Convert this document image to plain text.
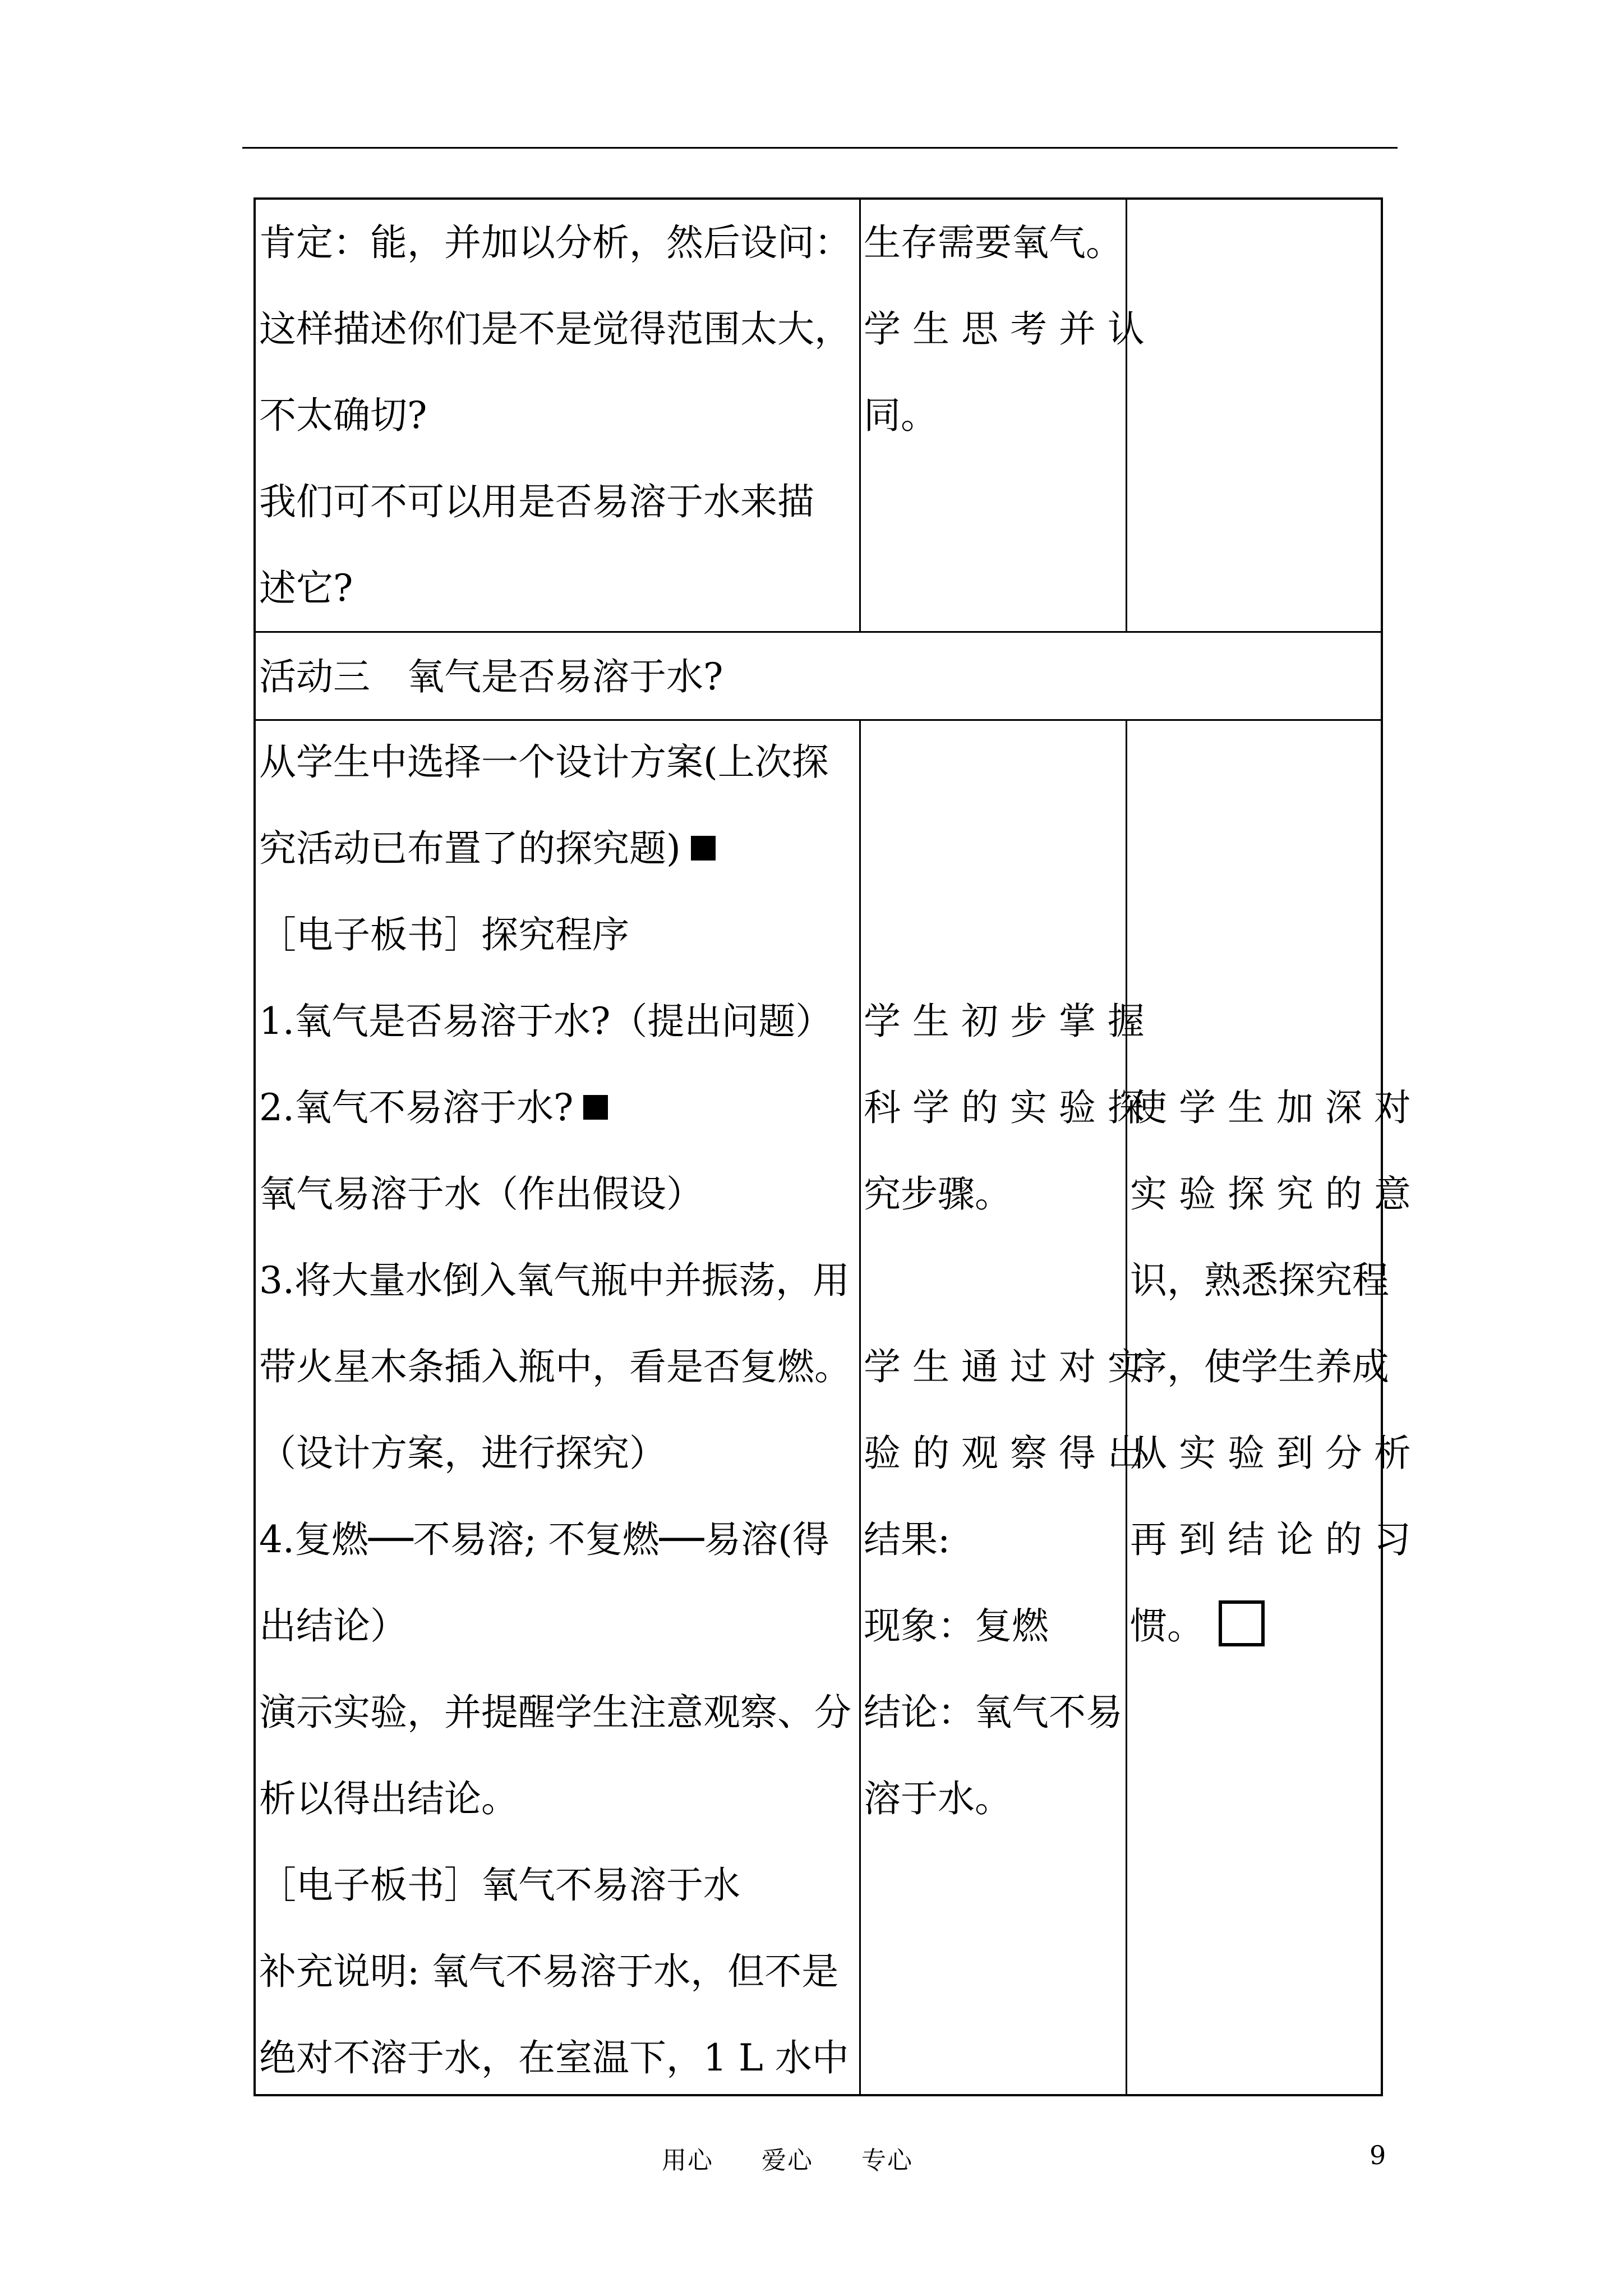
肯定：能，并加以分析，然后设问：
这样描述你们是不是觉得范围太大，
不太确切?
我们可不可以用是否易溶于水来描
述它?
生存需要氧气。
学 生 思 考 并 认
同。
活动三　氧气是否易溶于水?
从学生中选择一个设计方案(上次探
究活动已布置了的探究题)
［电子板书］探究程序
1.氧气是否易溶于水?（提出问题）
2.氧气不易溶于水?
氧气易溶于水（作出假设）
3.将大量水倒入氧气瓶中并振荡，用
带火星木条插入瓶中，看是否复燃。
（设计方案，进行探究）
4.复燃──不易溶; 不复燃──易溶(得
出结论）
演示实验，并提醒学生注意观察、分
析以得出结论。
［电子板书］氧气不易溶于水
补充说明: 氧气不易溶于水，但不是
绝对不溶于水，在室温下，1 L 水中
学 生 初 步 掌 握
科 学 的 实 验 探
究步骤。
学 生 通 过 对 实
验 的 观 察 得 出
结果:
现象：复燃
结论：氧气不易
溶于水。
使 学 生 加 深 对
实 验 探 究 的 意
识，熟悉探究程
序，使学生养成
从 实 验 到 分 析
再 到 结 论 的 习
惯。
用心 爱心 专心	9
